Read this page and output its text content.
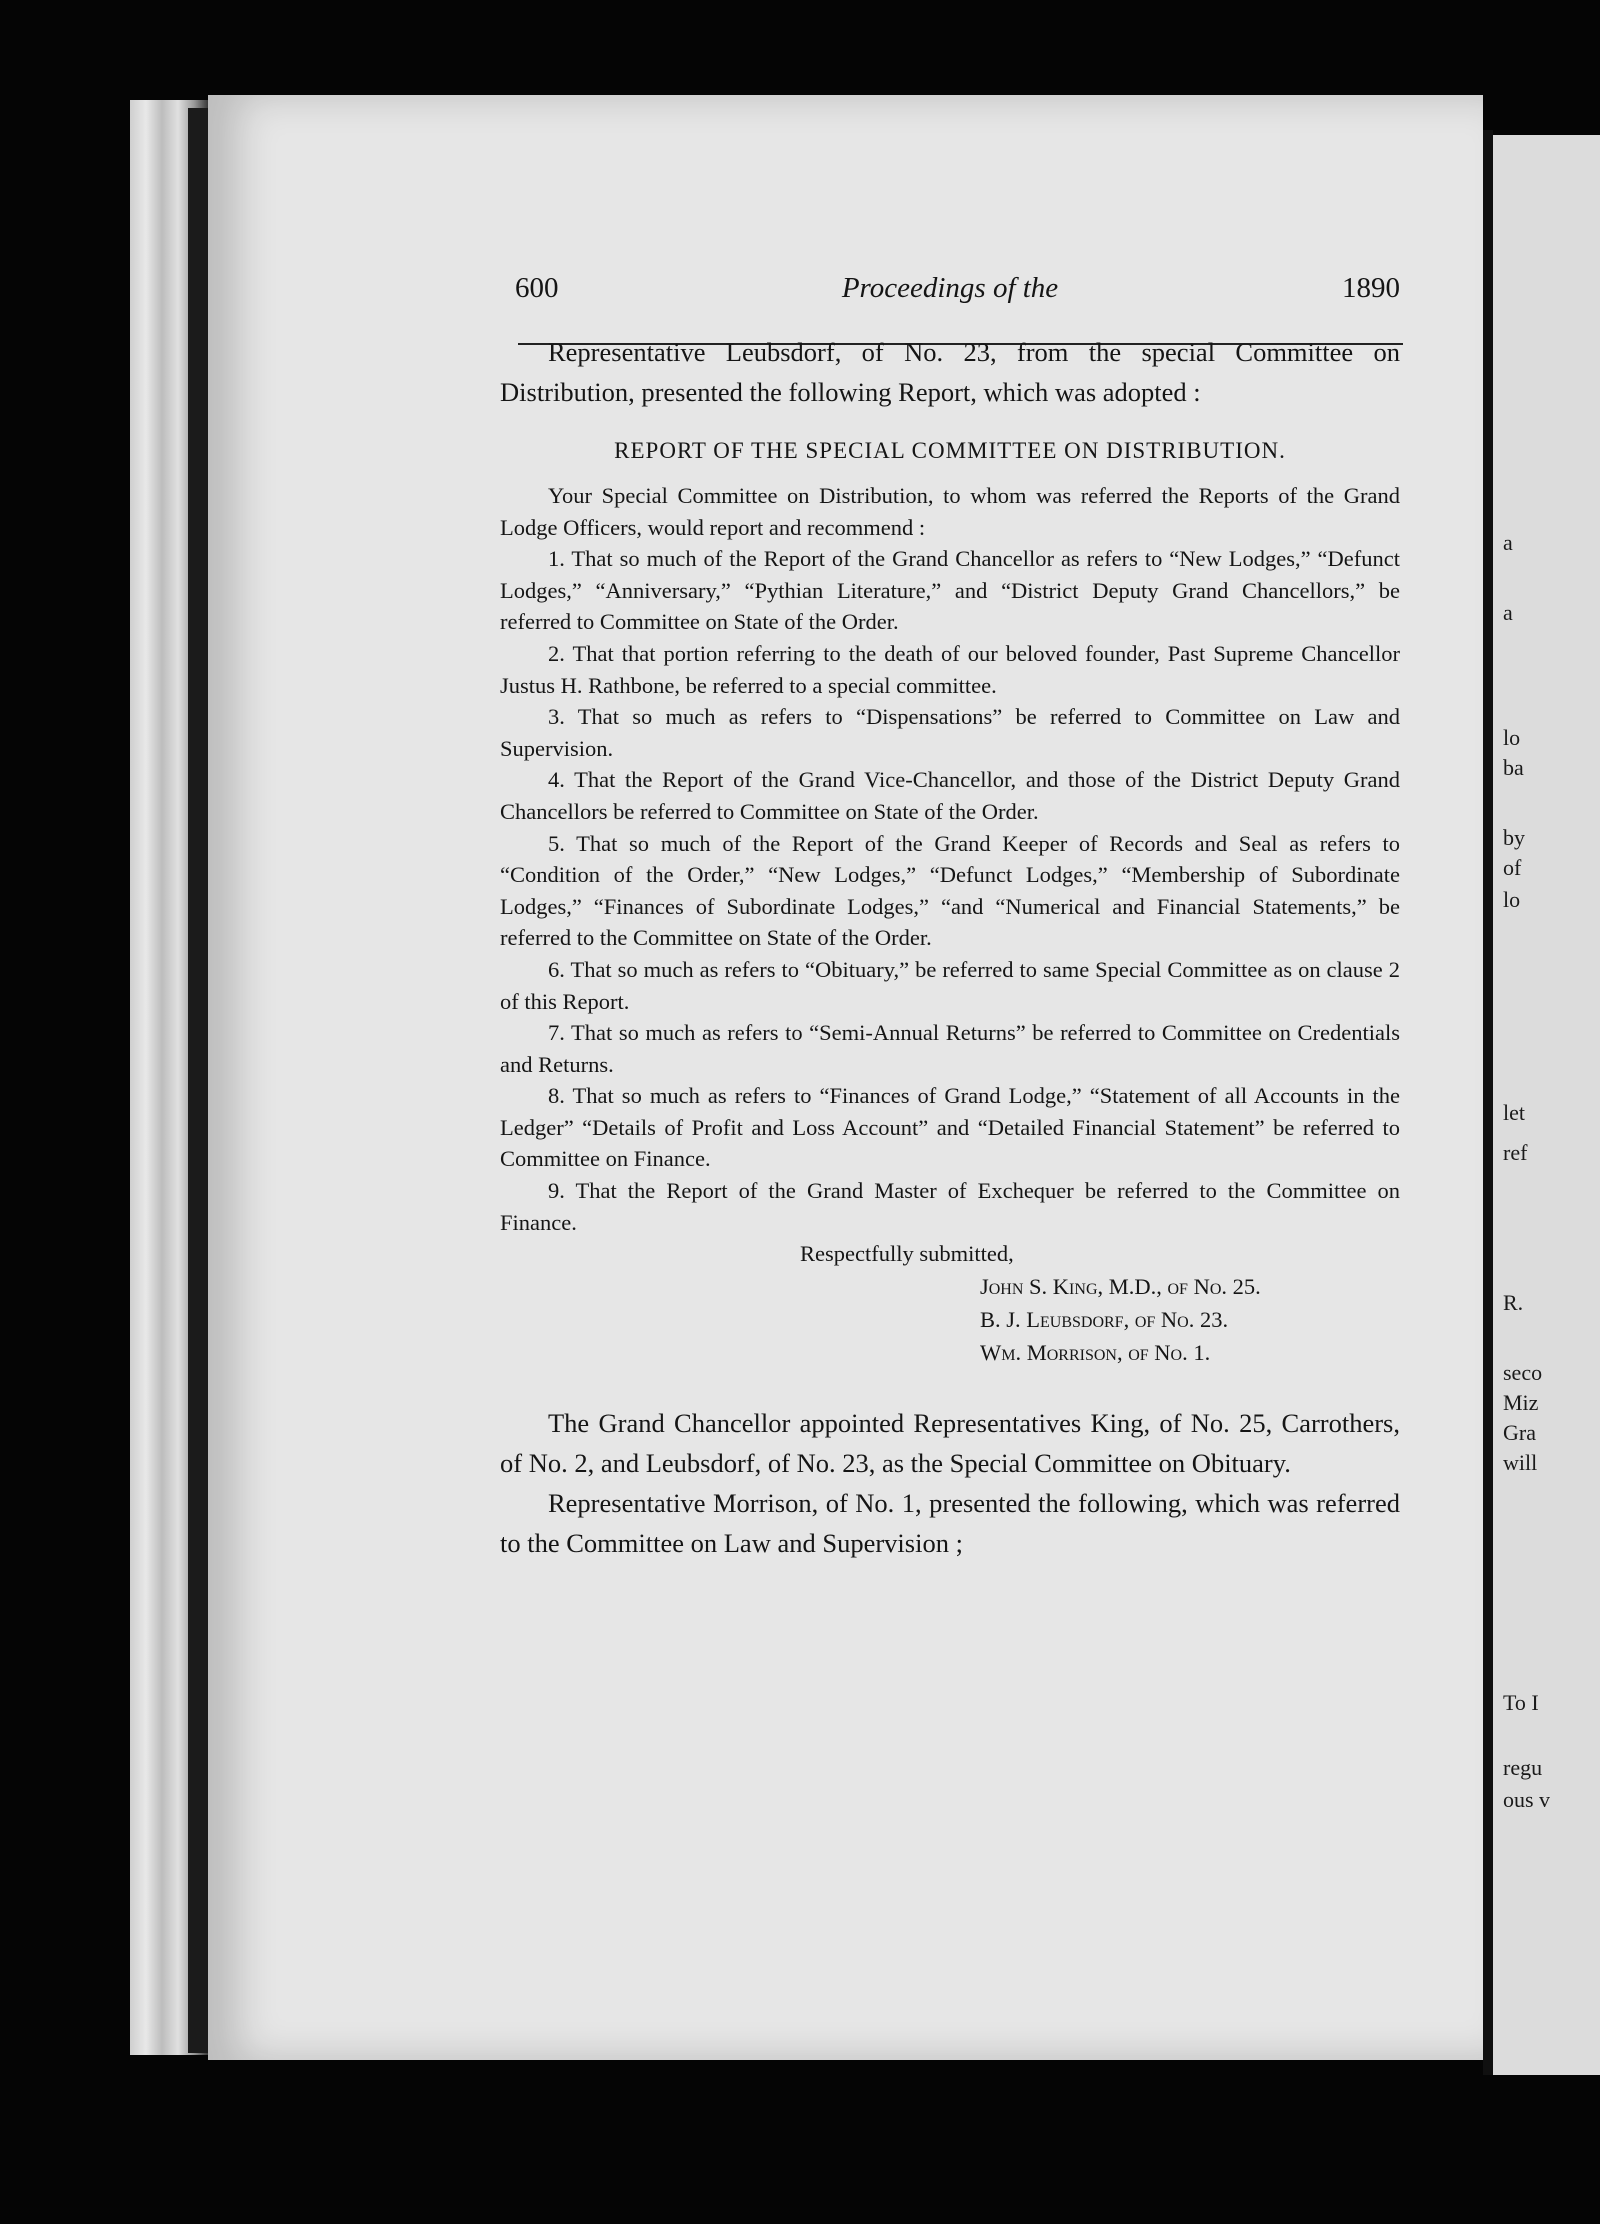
a
a
lo
ba
by
of
lo
let
ref
R.
seco
Miz
Gra
will
To I
regu
ous v
600	Proceedings of the	1890

Representative Leubsdorf, of No. 23, from the special Committee on Distribution, presented the following Report, which was adopted :

REPORT OF THE SPECIAL COMMITTEE ON DISTRIBUTION.

Your Special Committee on Distribution, to whom was referred the Reports of the Grand Lodge Officers, would report and recommend :

1. That so much of the Report of the Grand Chancellor as refers to “New Lodges,” “Defunct Lodges,” “Anniversary,” “Pythian Literature,” and “District Deputy Grand Chancellors,” be referred to Committee on State of the Order.

2. That that portion referring to the death of our beloved founder, Past Supreme Chancellor Justus H. Rathbone, be referred to a special committee.

3. That so much as refers to “Dispensations” be referred to Committee on Law and Supervision.

4. That the Report of the Grand Vice-Chancellor, and those of the District Deputy Grand Chancellors be referred to Committee on State of the Order.

5. That so much of the Report of the Grand Keeper of Records and Seal as refers to “Condition of the Order,” “New Lodges,” “Defunct Lodges,” “Membership of Subordinate Lodges,” “Finances of Subordinate Lodges,” “and “Numerical and Financial Statements,” be referred to the Committee on State of the Order.

6. That so much as refers to “Obituary,” be referred to same Special Committee as on clause 2 of this Report.

7. That so much as refers to “Semi-Annual Returns” be referred to Committee on Credentials and Returns.

8. That so much as refers to “Finances of Grand Lodge,” “Statement of all Accounts in the Ledger” “Details of Profit and Loss Account” and “Detailed Financial Statement” be referred to Committee on Finance.

9. That the Report of the Grand Master of Exchequer be referred to the Committee on Finance.

Respectfully submitted,
John S. King, M.D., of No. 25.
B. J. Leubsdorf, of No. 23.
Wm. Morrison, of No. 1.

The Grand Chancellor appointed Representatives King, of No. 25, Carrothers, of No. 2, and Leubsdorf, of No. 23, as the Special Committee on Obituary.

Representative Morrison, of No. 1, presented the following, which was referred to the Committee on Law and Supervision ;
